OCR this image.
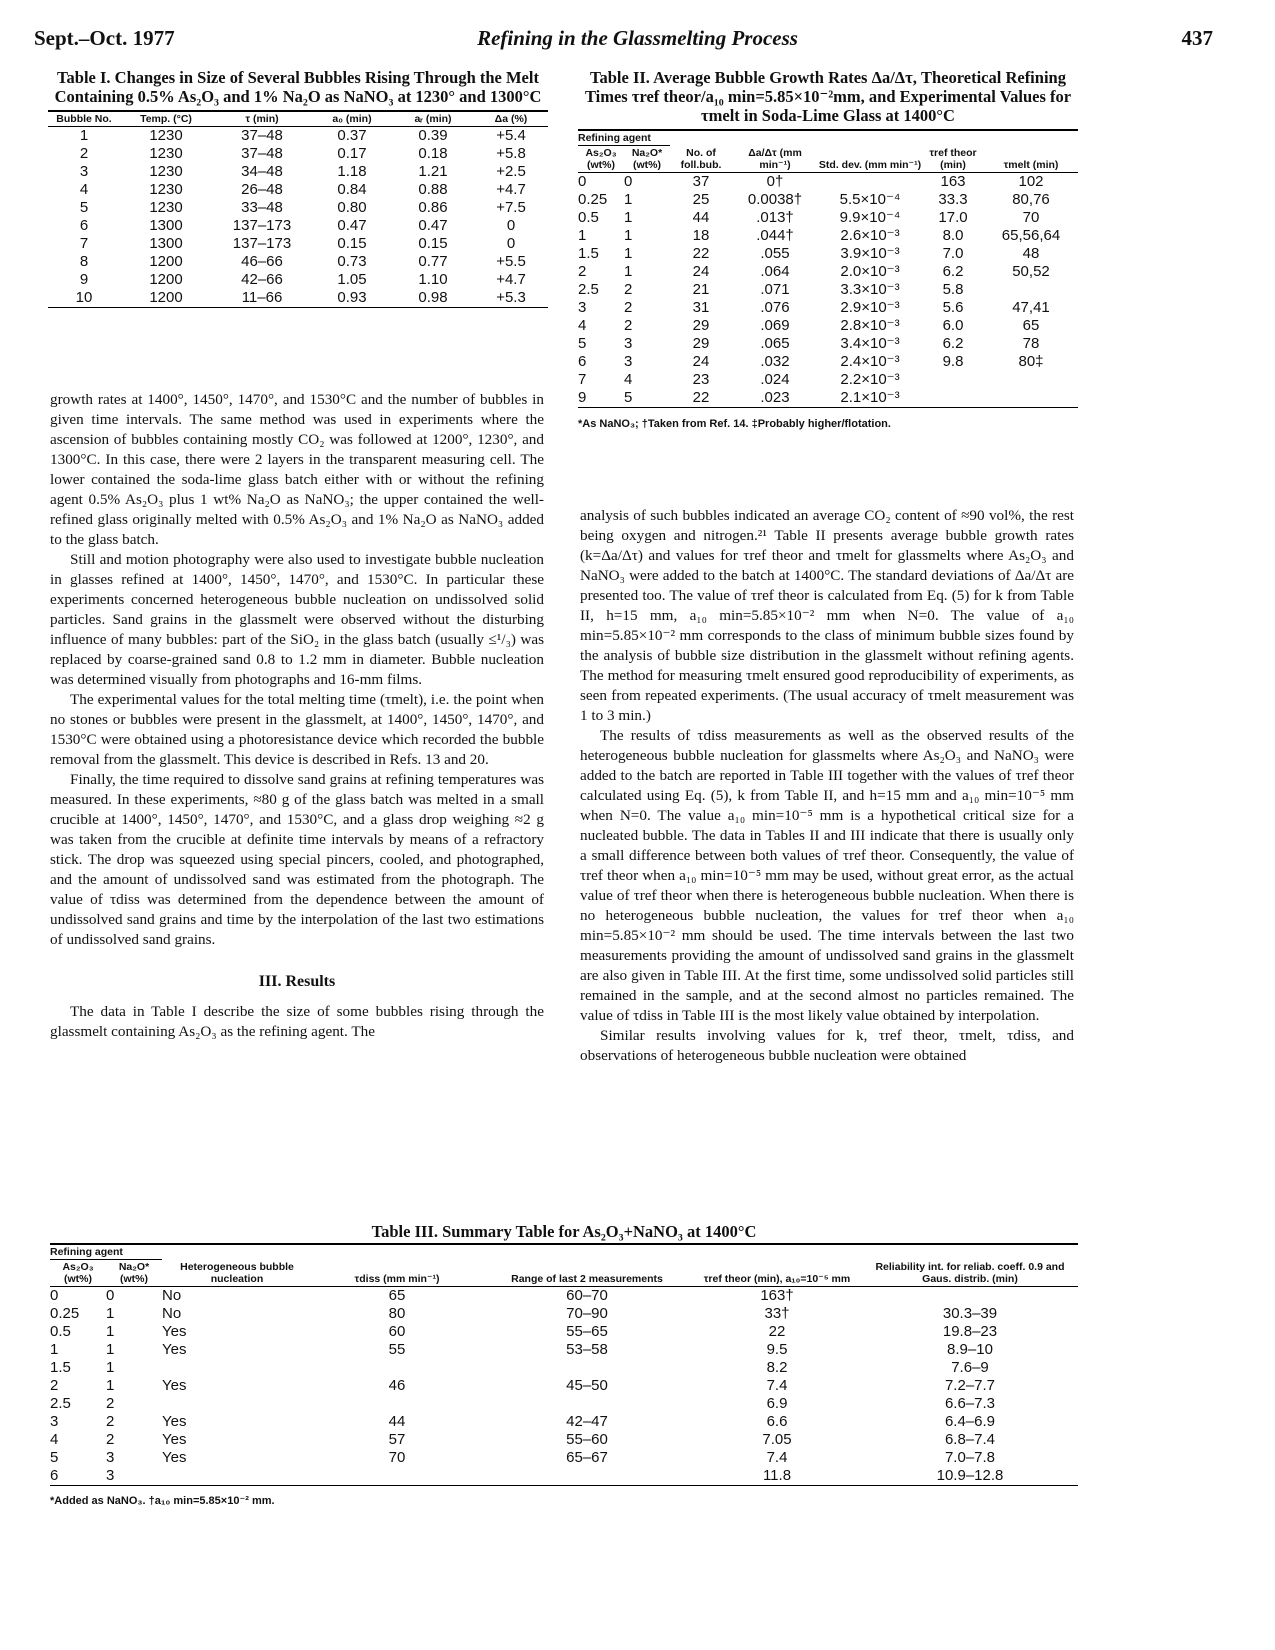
Sept.–Oct. 1977	Refining in the Glassmelting Process	437
Table I. Changes in Size of Several Bubbles Rising Through the Melt Containing 0.5% As₂O₃ and 1% Na₂O as NaNO₃ at 1230° and 1300°C
Bubble No.	Temp. (°C)	τ (min)	a₀ (min)	aᵣ (min)	Δa (%)
1	1230	37–48	0.37	0.39	+5.4
2	1230	37–48	0.17	0.18	+5.8
3	1230	34–48	1.18	1.21	+2.5
4	1230	26–48	0.84	0.88	+4.7
5	1230	33–48	0.80	0.86	+7.5
6	1300	137–173	0.47	0.47	0
7	1300	137–173	0.15	0.15	0
8	1200	46–66	0.73	0.77	+5.5
9	1200	42–66	1.05	1.10	+4.7
10	1200	11–66	0.93	0.98	+5.3
Table II. Average Bubble Growth Rates Δa/Δτ, Theoretical Refining Times τref theor/a₁₀ min=5.85×10⁻²mm, and Experimental Values for τmelt in Soda-Lime Glass at 1400°C
Refining agent						
As₂O₃ (wt%)	Na₂O* (wt%)	No. of foll.bub.	Δa/Δτ (mm min⁻¹)	Std. dev. (mm min⁻¹)	τref theor (min)	τmelt (min)
0	0	37	0†		163	102
0.25	1	25	0.0038†	5.5×10⁻⁴	33.3	80,76
0.5	1	44	.013†	9.9×10⁻⁴	17.0	70
1	1	18	.044†	2.6×10⁻³	8.0	65,56,64
1.5	1	22	.055	3.9×10⁻³	7.0	48
2	1	24	.064	2.0×10⁻³	6.2	50,52
2.5	2	21	.071	3.3×10⁻³	5.8	
3	2	31	.076	2.9×10⁻³	5.6	47,41
4	2	29	.069	2.8×10⁻³	6.0	65
5	3	29	.065	3.4×10⁻³	6.2	78
6	3	24	.032	2.4×10⁻³	9.8	80‡
7	4	23	.024	2.2×10⁻³		
9	5	22	.023	2.1×10⁻³		
*As NaNO₃; †Taken from Ref. 14. ‡Probably higher/flotation.

growth rates at 1400°, 1450°, 1470°, and 1530°C and the number of bubbles in given time intervals. The same method was used in experiments where the ascension of bubbles containing mostly CO₂ was followed at 1200°, 1230°, and 1300°C. In this case, there were 2 layers in the transparent measuring cell. The lower contained the soda-lime glass batch either with or without the refining agent 0.5% As₂O₃ plus 1 wt% Na₂O as NaNO₃; the upper contained the well-refined glass originally melted with 0.5% As₂O₃ and 1% Na₂O as NaNO₃ added to the glass batch.

Still and motion photography were also used to investigate bubble nucleation in glasses refined at 1400°, 1450°, 1470°, and 1530°C. In particular these experiments concerned heterogeneous bubble nucleation on undissolved solid particles. Sand grains in the glassmelt were observed without the disturbing influence of many bubbles: part of the SiO₂ in the glass batch (usually ≤¹/₃) was replaced by coarse-grained sand 0.8 to 1.2 mm in diameter. Bubble nucleation was determined visually from photographs and 16-mm films.

The experimental values for the total melting time (τmelt), i.e. the point when no stones or bubbles were present in the glassmelt, at 1400°, 1450°, 1470°, and 1530°C were obtained using a photoresistance device which recorded the bubble removal from the glassmelt. This device is described in Refs. 13 and 20.

Finally, the time required to dissolve sand grains at refining temperatures was measured. In these experiments, ≈80 g of the glass batch was melted in a small crucible at 1400°, 1450°, 1470°, and 1530°C, and a glass drop weighing ≈2 g was taken from the crucible at definite time intervals by means of a refractory stick. The drop was squeezed using special pincers, cooled, and photographed, and the amount of undissolved sand was estimated from the photograph. The value of τdiss was determined from the dependence between the amount of undissolved sand grains and time by the interpolation of the last two estimations of undissolved sand grains.

III. Results

The data in Table I describe the size of some bubbles rising through the glassmelt containing As₂O₃ as the refining agent. The

analysis of such bubbles indicated an average CO₂ content of ≈90 vol%, the rest being oxygen and nitrogen.²¹ Table II presents average bubble growth rates (k=Δa/Δτ) and values for τref theor and τmelt for glassmelts where As₂O₃ and NaNO₃ were added to the batch at 1400°C. The standard deviations of Δa/Δτ are presented too. The value of τref theor is calculated from Eq. (5) for k from Table II, h=15 mm, a₁₀ min=5.85×10⁻² mm when N=0. The value of a₁₀ min=5.85×10⁻² mm corresponds to the class of minimum bubble sizes found by the analysis of bubble size distribution in the glassmelt without refining agents. The method for measuring τmelt ensured good reproducibility of experiments, as seen from repeated experiments. (The usual accuracy of τmelt measurement was 1 to 3 min.)

The results of τdiss measurements as well as the observed results of the heterogeneous bubble nucleation for glassmelts where As₂O₃ and NaNO₃ were added to the batch are reported in Table III together with the values of τref theor calculated using Eq. (5), k from Table II, and h=15 mm and a₁₀ min=10⁻⁵ mm when N=0. The value a₁₀ min=10⁻⁵ mm is a hypothetical critical size for a nucleated bubble. The data in Tables II and III indicate that there is usually only a small difference between both values of τref theor. Consequently, the value of τref theor when a₁₀ min=10⁻⁵ mm may be used, without great error, as the actual value of τref theor when there is heterogeneous bubble nucleation. When there is no heterogeneous bubble nucleation, the values for τref theor when a₁₀ min=5.85×10⁻² mm should be used. The time intervals between the last two measurements providing the amount of undissolved sand grains in the glassmelt are also given in Table III. At the first time, some undissolved solid particles still remained in the sample, and at the second almost no particles remained. The value of τdiss in Table III is the most likely value obtained by interpolation.

Similar results involving values for k, τref theor, τmelt, τdiss, and observations of heterogeneous bubble nucleation were obtained

Table III. Summary Table for As₂O₃+NaNO₃ at 1400°C
Refining agent						
As₂O₃ (wt%)	Na₂O* (wt%)	Heterogeneous bubble nucleation	τdiss (mm min⁻¹)	Range of last 2 measurements	τref theor (min), a₁₀=10⁻⁵ mm	Reliability int. for reliab. coeff. 0.9 and Gaus. distrib. (min)
0	0	No	65	60–70	163†	
0.25	1	No	80	70–90	33†	30.3–39
0.5	1	Yes	60	55–65	22	19.8–23
1	1	Yes	55	53–58	9.5	8.9–10
1.5	1				8.2	7.6–9
2	1	Yes	46	45–50	7.4	7.2–7.7
2.5	2				6.9	6.6–7.3
3	2	Yes	44	42–47	6.6	6.4–6.9
4	2	Yes	57	55–60	7.05	6.8–7.4
5	3	Yes	70	65–67	7.4	7.0–7.8
6	3				11.8	10.9–12.8
*Added as NaNO₃. †a₁₀ min=5.85×10⁻² mm.
